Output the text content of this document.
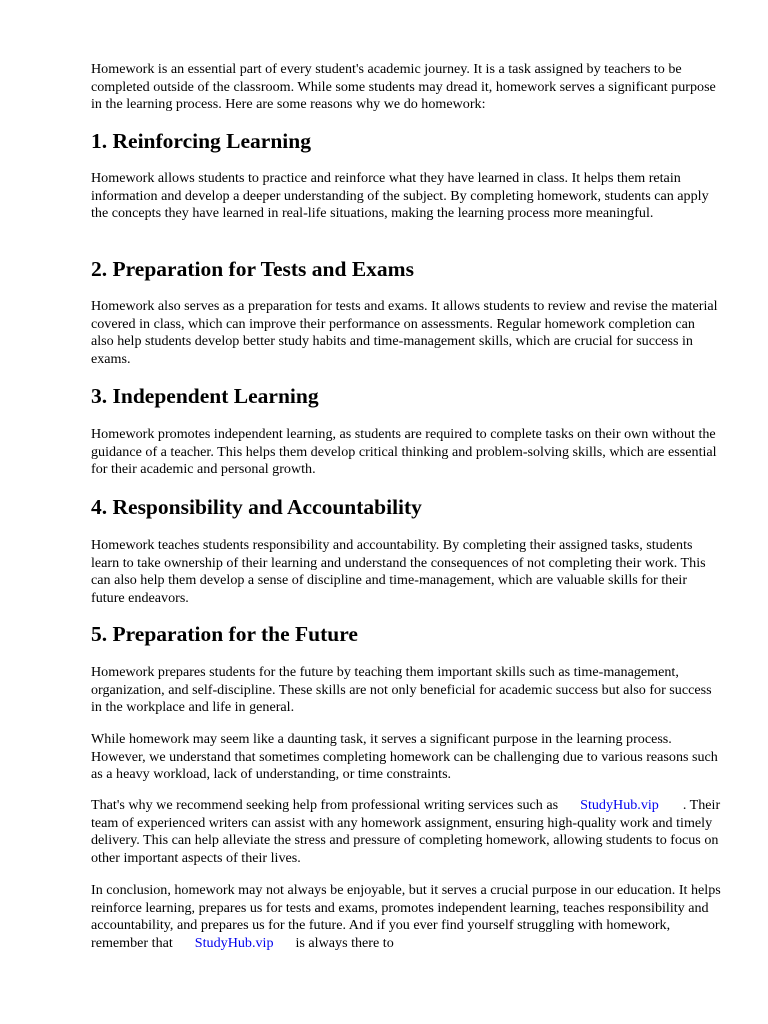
Homework is an essential part of every student's academic journey. It is a task assigned by teachers to be completed outside of the classroom. While some students may dread it, homework serves a significant purpose in the learning process. Here are some reasons why we do homework:

1. Reinforcing Learning

Homework allows students to practice and reinforce what they have learned in class. It helps them retain information and develop a deeper understanding of the subject. By completing homework, students can apply the concepts they have learned in real-life situations, making the learning process more meaningful.

2. Preparation for Tests and Exams

Homework also serves as a preparation for tests and exams. It allows students to review and revise the material covered in class, which can improve their performance on assessments. Regular homework completion can also help students develop better study habits and time-management skills, which are crucial for success in exams.

3. Independent Learning

Homework promotes independent learning, as students are required to complete tasks on their own without the guidance of a teacher. This helps them develop critical thinking and problem-solving skills, which are essential for their academic and personal growth.

4. Responsibility and Accountability

Homework teaches students responsibility and accountability. By completing their assigned tasks, students learn to take ownership of their learning and understand the consequences of not completing their work. This can also help them develop a sense of discipline and time-management, which are valuable skills for their future endeavors.

5. Preparation for the Future

Homework prepares students for the future by teaching them important skills such as time-management, organization, and self-discipline. These skills are not only beneficial for academic success but also for success in the workplace and life in general.

While homework may seem like a daunting task, it serves a significant purpose in the learning process. However, we understand that sometimes completing homework can be challenging due to various reasons such as a heavy workload, lack of understanding, or time constraints.

That's why we recommend seeking help from professional writing services such as StudyHub.vip . Their team of experienced writers can assist with any homework assignment, ensuring high-quality work and timely delivery. This can help alleviate the stress and pressure of completing homework, allowing students to focus on other important aspects of their lives.

In conclusion, homework may not always be enjoyable, but it serves a crucial purpose in our education. It helps reinforce learning, prepares us for tests and exams, promotes independent learning, teaches responsibility and accountability, and prepares us for the future. And if you ever find yourself struggling with homework, remember that StudyHub.vip is always there to
